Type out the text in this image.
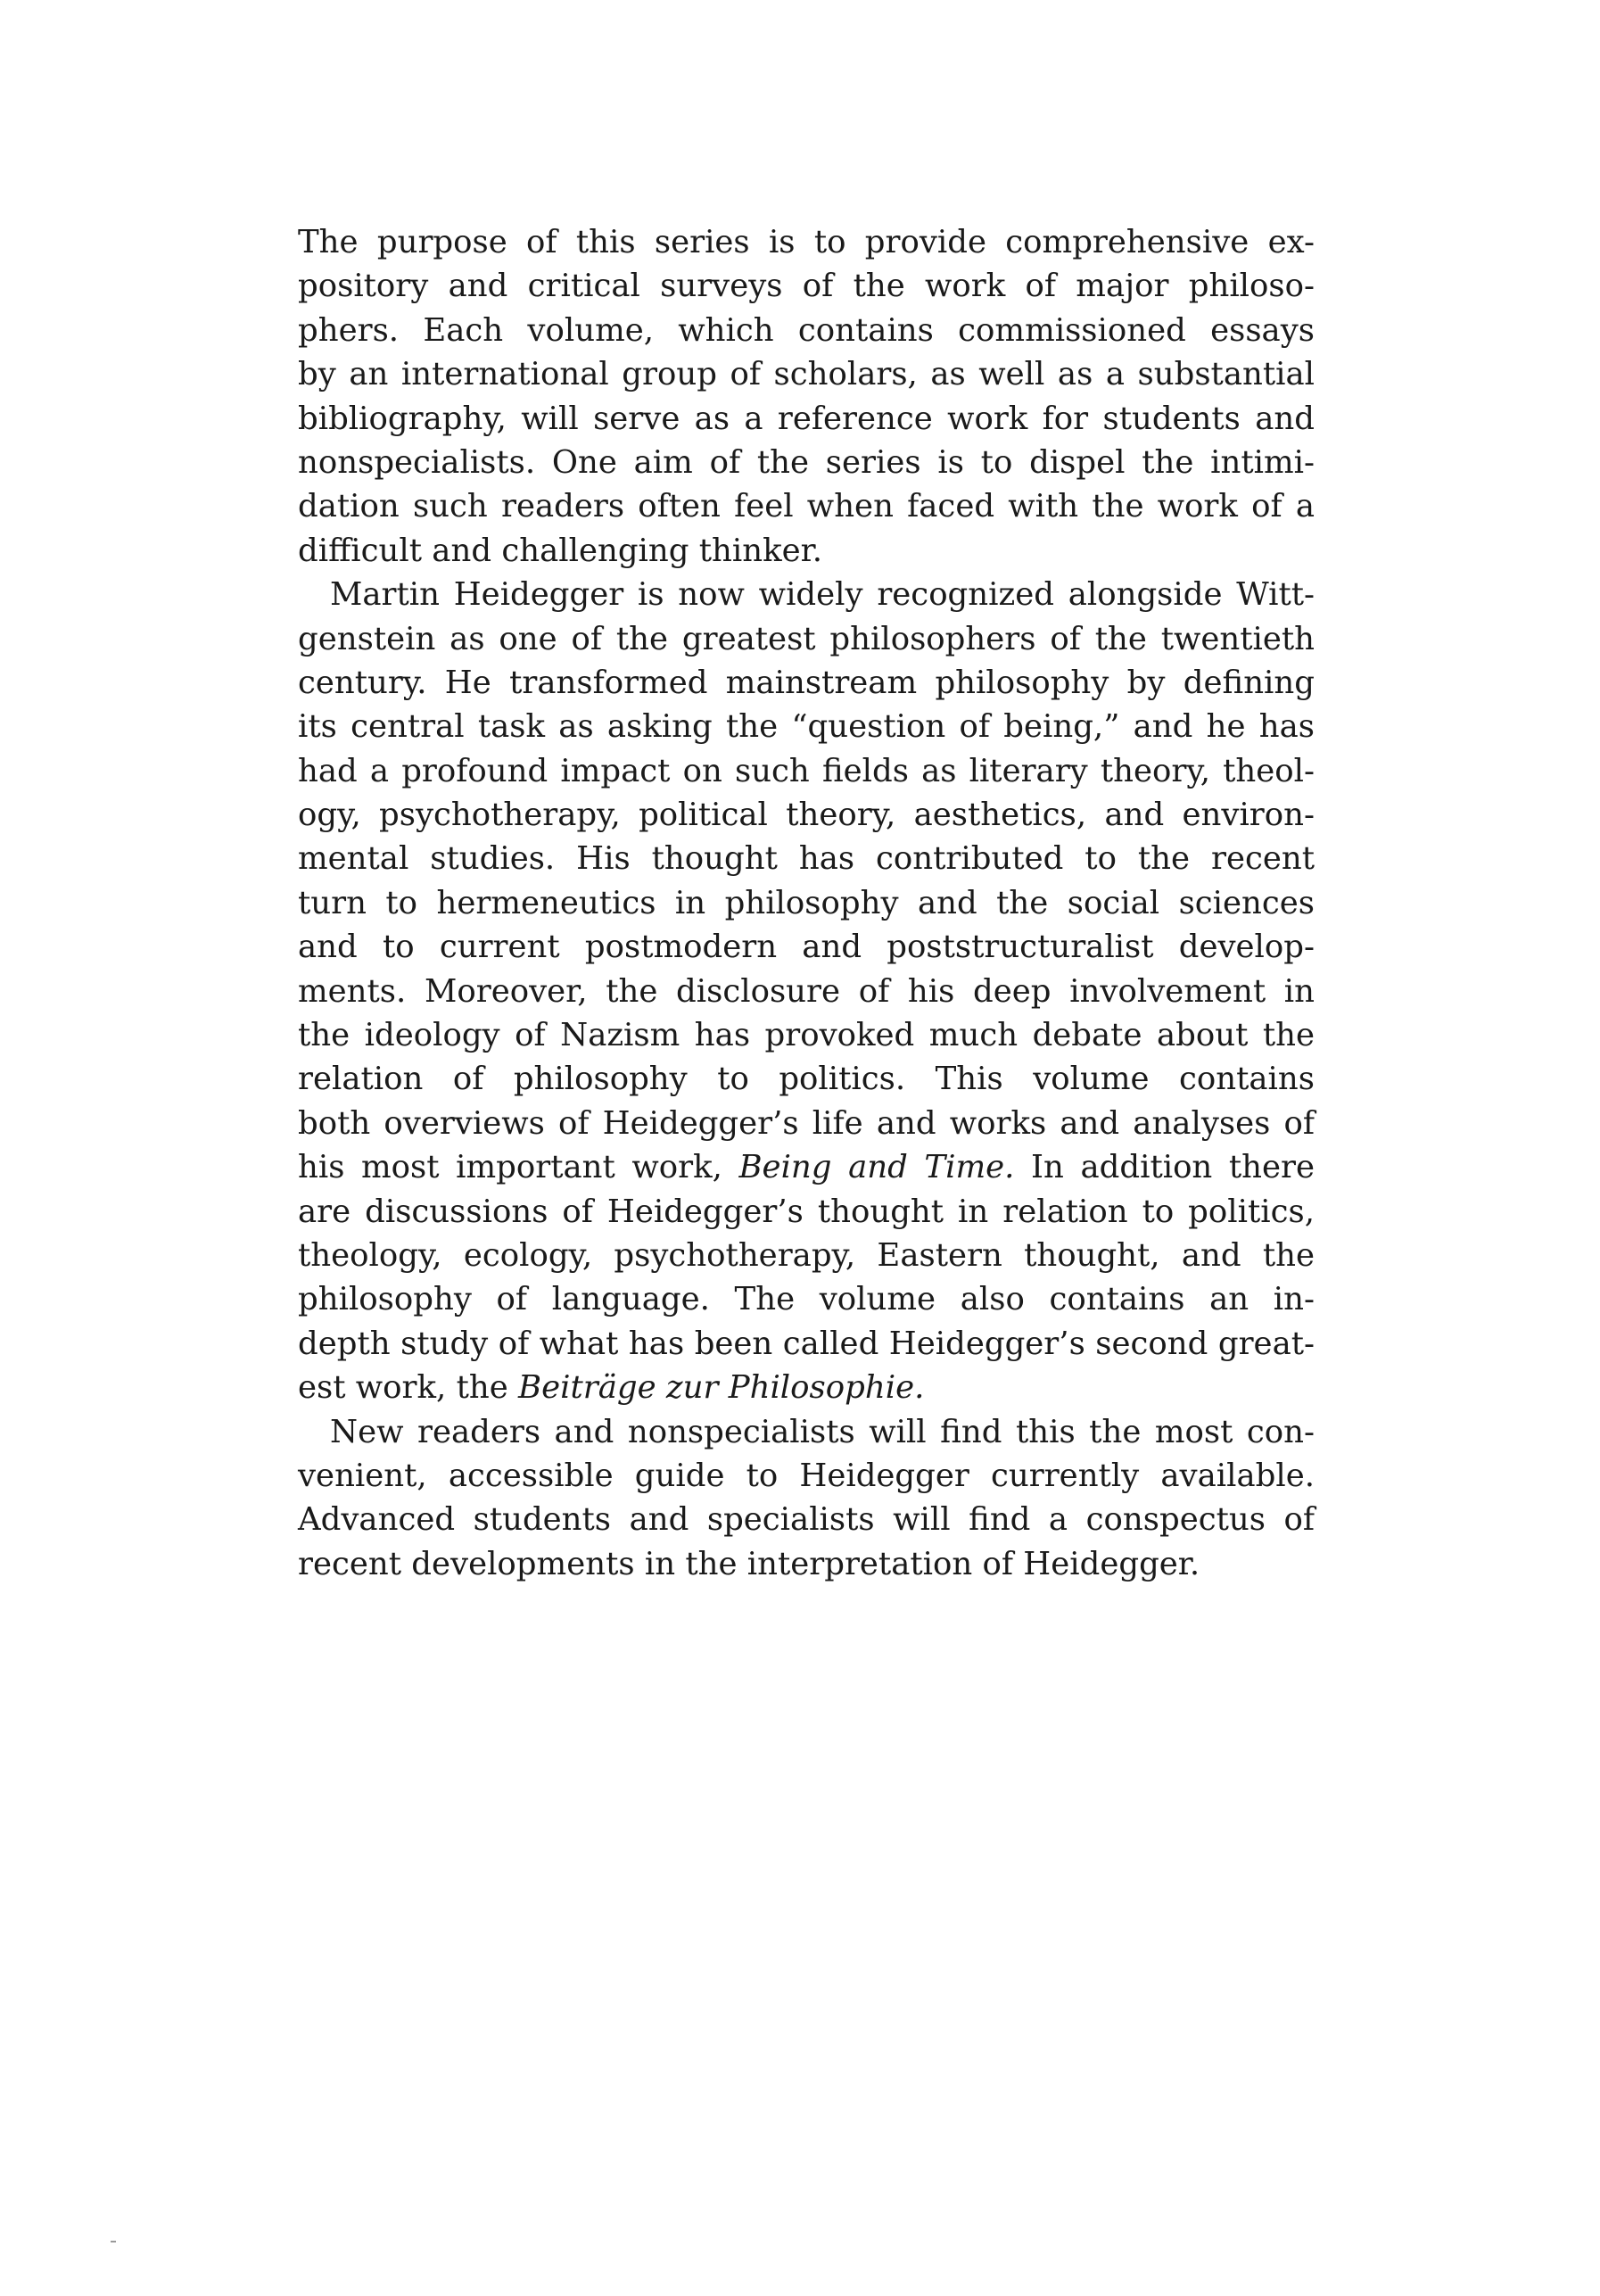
The purpose of this series is to provide comprehensive ex-
pository and critical surveys of the work of major philoso-
phers. Each volume, which contains commissioned essays
by an international group of scholars, as well as a substantial
bibliography, will serve as a reference work for students and
nonspecialists. One aim of the series is to dispel the intimi-
dation such readers often feel when faced with the work of a
difficult and challenging thinker.
Martin Heidegger is now widely recognized alongside Witt-
genstein as one of the greatest philosophers of the twentieth
century. He transformed mainstream philosophy by defining
its central task as asking the “question of being,” and he has
had a profound impact on such fields as literary theory, theol-
ogy, psychotherapy, political theory, aesthetics, and environ-
mental studies. His thought has contributed to the recent
turn to hermeneutics in philosophy and the social sciences
and to current postmodern and poststructuralist develop-
ments. Moreover, the disclosure of his deep involvement in
the ideology of Nazism has provoked much debate about the
relation of philosophy to politics. This volume contains
both overviews of Heidegger’s life and works and analyses of
his most important work, Being and Time. In addition there
are discussions of Heidegger’s thought in relation to politics,
theology, ecology, psychotherapy, Eastern thought, and the
philosophy of language. The volume also contains an in-
depth study of what has been called Heidegger’s second great-
est work, the Beiträge zur Philosophie.
New readers and nonspecialists will find this the most con-
venient, accessible guide to Heidegger currently available.
Advanced students and specialists will find a conspectus of
recent developments in the interpretation of Heidegger.
